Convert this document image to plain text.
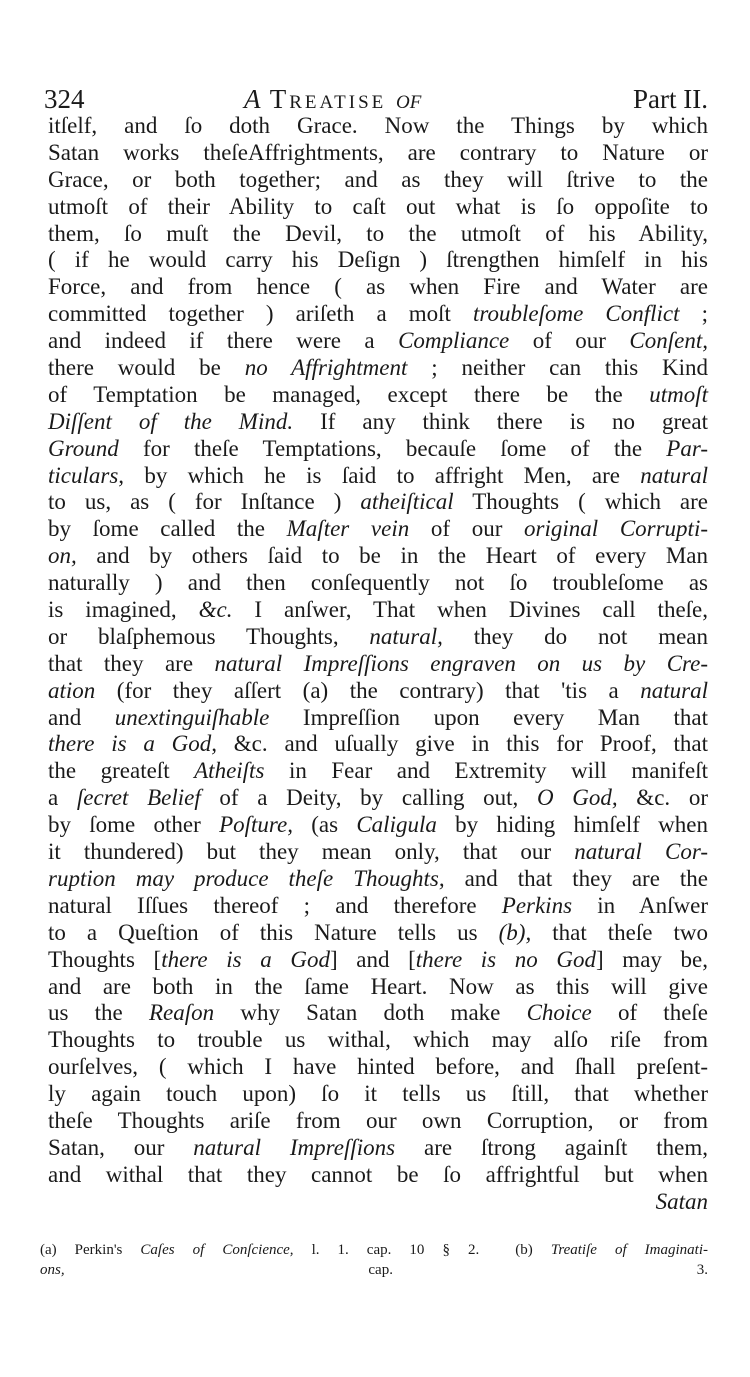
324	A Treatiſe of	Part II.
itſelf, and ſo doth Grace. Now the Things by which
Satan works theſeAffrightments, are contrary to Nature or
Grace, or both together; and as they will ſtrive to the
utmoſt of their Ability to caſt out what is ſo oppoſite to
them, ſo muſt the Devil, to the utmoſt of his Ability,
( if he would carry his Deſign ) ſtrengthen himſelf in his
Force, and from hence ( as when Fire and Water are
committed together ) ariſeth a moſt troubleſome Conflict ;
and indeed if there were a Compliance of our Conſent,
there would be no Affrightment ; neither can this Kind
of Temptation be managed, except there be the utmoſt
Diſſent of the Mind. If any think there is no great
Ground for theſe Temptations, becauſe ſome of the Par-
ticulars, by which he is ſaid to affright Men, are natural
to us, as ( for Inſtance ) atheiſtical Thoughts ( which are
by ſome called the Maſter vein of our original Corrupti-
on, and by others ſaid to be in the Heart of every Man
naturally ) and then conſequently not ſo troubleſome as
is imagined, &c. I anſwer, That when Divines call theſe,
or blaſphemous Thoughts, natural, they do not mean
that they are natural Impreſſions engraven on us by Cre-
ation (for they aſſert (a) the contrary) that 'tis a natural
and unextinguiſhable Impreſſion upon every Man that
there is a God, &c. and uſually give in this for Proof, that
the greateſt Atheiſts in Fear and Extremity will manifeſt
a ſecret Belief of a Deity, by calling out, O God, &c. or
by ſome other Poſture, (as Caligula by hiding himſelf when
it thundered) but they mean only, that our natural Cor-
ruption may produce theſe Thoughts, and that they are the
natural Iſſues thereof ; and therefore Perkins in Anſwer
to a Queſtion of this Nature tells us (b), that theſe two
Thoughts [there is a God] and [there is no God] may be,
and are both in the ſame Heart. Now as this will give
us the Reaſon why Satan doth make Choice of theſe
Thoughts to trouble us withal, which may alſo riſe from
ourſelves, ( which I have hinted before, and ſhall preſent-
ly again touch upon) ſo it tells us ſtill, that whether
theſe Thoughts ariſe from our own Corruption, or from
Satan, our natural Impreſſions are ſtrong againſt them,
and withal that they cannot be ſo affrightful but when
Satan
(a) Perkin's Caſes of Conſcience, l. 1. cap. 10 § 2.  (b) Treatiſe of Imaginati-
ons, cap. 3.
